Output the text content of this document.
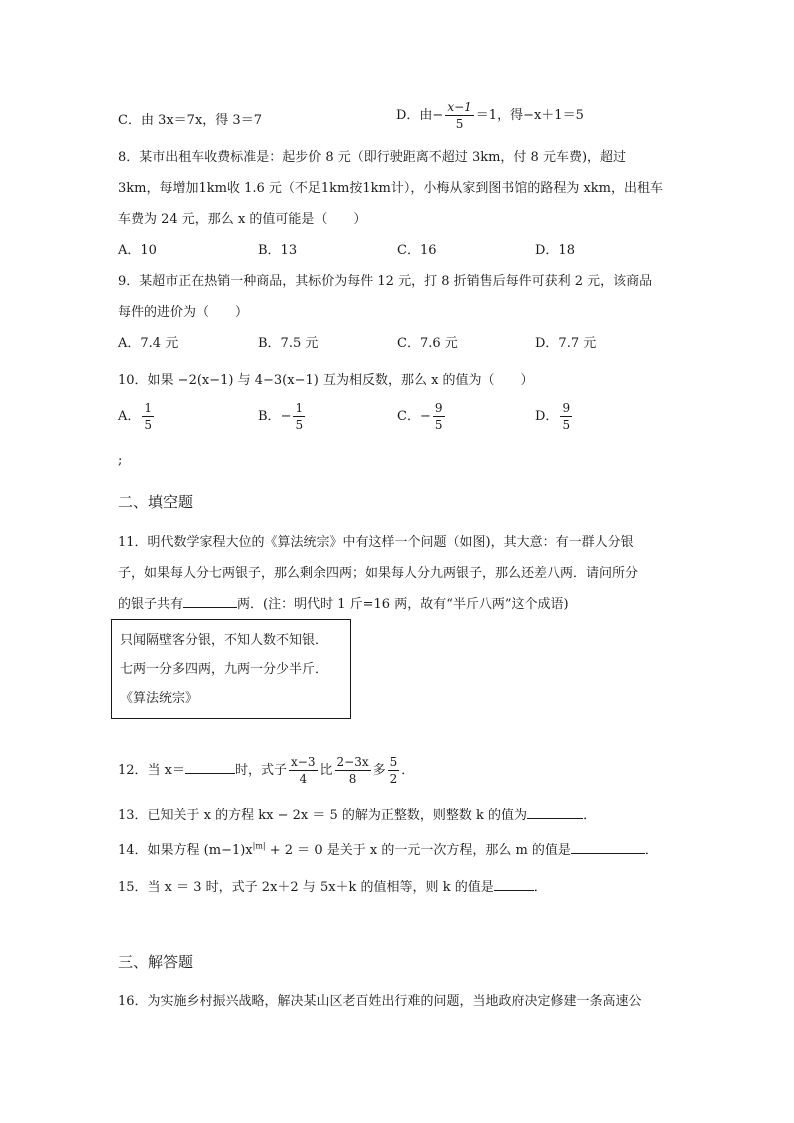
C．由 3x＝7x，得 3＝7	D．由− $\frac{x-1}{5} =1$，得−x＋1＝5
8．某市出租车收费标准是：起步价 8 元（即行驶距离不超过 3km，付 8 元车费)，超过
3km，每增加1km收 1.6 元（不足1km按1km计），小梅从家到图书馆的路程为 xkm，出租车
车费为 24 元，那么 x 的值可能是（　　）
A．10	B．13	C．16	D．18
9．某超市正在热销一种商品，其标价为每件 12 元，打 8 折销售后每件可获利 2 元，该商品
每件的进价为（　　）
A．7.4 元	B．7.5 元	C．7.6 元	D．7.7 元
10．如果 −2(x−1) 与 4−3(x−1) 互为相反数，那么 x 的值为（　　）
A． $\frac{1}{5}$	B．− $\frac{1}{5}$	C．− $\frac{9}{5}$	D． $\frac{9}{5}$
;
二、填空题
11．明代数学家程大位的《算法统宗》中有这样一个问题（如图)，其大意：有一群人分银
子，如果每人分七两银子，那么剩余四两；如果每人分九两银子，那么还差八两．请问所分
的银子共有	两．(注：明代时 1 斤=16 两，故有“半斤八两”这个成语)
只闻隔壁客分银，不知人数不知银．
七两一分多四两，九两一分少半斤．
《算法统宗》
12．当 x＝	时，式子 $\frac{x-3}{4}$ 比 $\frac{2-3x}{8}$ 多 $\frac{5}{2}$ ．
13．已知关于 x 的方程 kx − 2x ＝ 5 的解为正整数，则整数 k 的值为	．
14．如果方程 $(m-1)x^{|m|} + 2 = 0$ 是关于 x 的一元一次方程，那么 m 的值是	．
15．当 x ＝ 3 时，式子 2x＋2 与 5x＋k 的值相等，则 k 的值是	．
三、解答题
16．为实施乡村振兴战略，解决某山区老百姓出行难的问题，当地政府决定修建一条高速公
